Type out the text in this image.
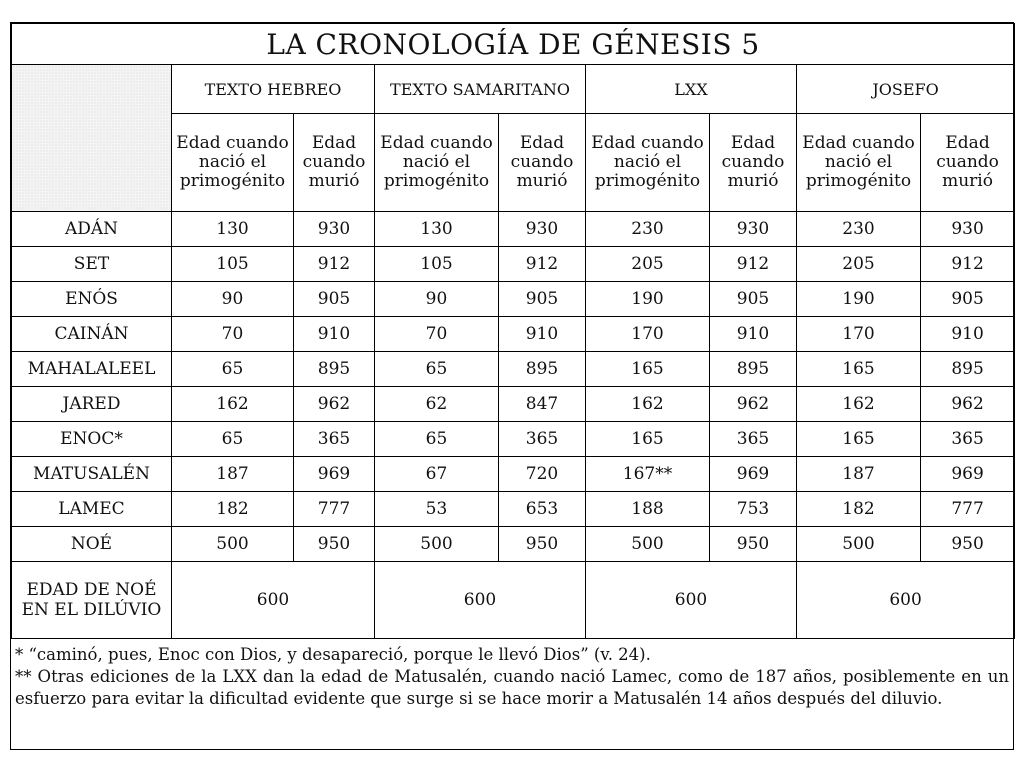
LA CRONOLOGÍA DE GÉNESIS 5								
	TEXTO HEBREO		TEXTO SAMARITANO		LXX		JOSEFO	
	Edad cuando nació el primogénito	Edad cuando murió	Edad cuando nació el primogénito	Edad cuando murió	Edad cuando nació el primogénito	Edad cuando murió	Edad cuando nació el primogénito	Edad cuando murió
ADÁN	130	930	130	930	230	930	230	930
SET	105	912	105	912	205	912	205	912
ENÓS	90	905	90	905	190	905	190	905
CAINÁN	70	910	70	910	170	910	170	910
MAHALALEEL	65	895	65	895	165	895	165	895
JARED	162	962	62	847	162	962	162	962
ENOC*	65	365	65	365	165	365	165	365
MATUSALÉN	187	969	67	720	167**	969	187	969
LAMEC	182	777	53	653	188	753	182	777
NOÉ	500	950	500	950	500	950	500	950
EDAD DE NOÉ EN EL DILÚVIO	600		600		600		600	

* “caminó, pues, Enoc con Dios, y desapareció, porque le llevó Dios” (v. 24).

** Otras ediciones de la LXX dan la edad de Matusalén, cuando nació Lamec, como de 187 años, posiblemente en un esfuerzo para evitar la dificultad evidente que surge si se hace morir a Matusalén 14 años después del diluvio.
